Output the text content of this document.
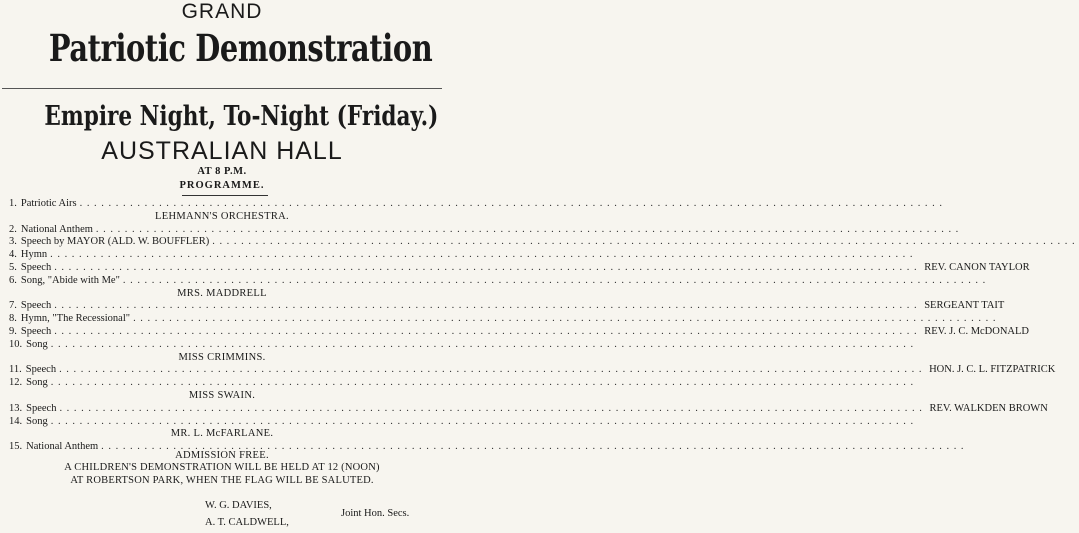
GRAND
Patriotic Demonstration
Empire Night, To-Night (Friday.)
AUSTRALIAN HALL
AT 8 P.M.
PROGRAMME.
1. Patriotic Airs ........................................................................................................................
LEHMANN'S ORCHESTRA.
2. National Anthem ........................................................................................................................
3. Speech by MAYOR (ALD. W. BOUFFLER) ........................................................................................................................
4. Hymn ........................................................................................................................
5. Speech ........................................................................................................................ REV. CANON TAYLOR
6. Song, "Abide with Me" ........................................................................................................................
MRS. MADDRELL
7. Speech ........................................................................................................................ SERGEANT TAIT
8. Hymn, "The Recessional" ........................................................................................................................
9. Speech ........................................................................................................................ REV. J. C. McDONALD
10. Song ........................................................................................................................
MISS CRIMMINS.
11. Speech ........................................................................................................................ HON. J. C. L. FITZPATRICK
12. Song ........................................................................................................................
MISS SWAIN.
13. Speech ........................................................................................................................ REV. WALKDEN BROWN
14. Song ........................................................................................................................
MR. L. McFARLANE.
15. National Anthem ........................................................................................................................
ADMISSION FREE.
A CHILDREN'S DEMONSTRATION WILL BE HELD AT 12 (NOON)
AT ROBERTSON PARK, WHEN THE FLAG WILL BE SALUTED.
W. G. DAVIES,
A. T. CALDWELL,
Joint Hon. Secs.
